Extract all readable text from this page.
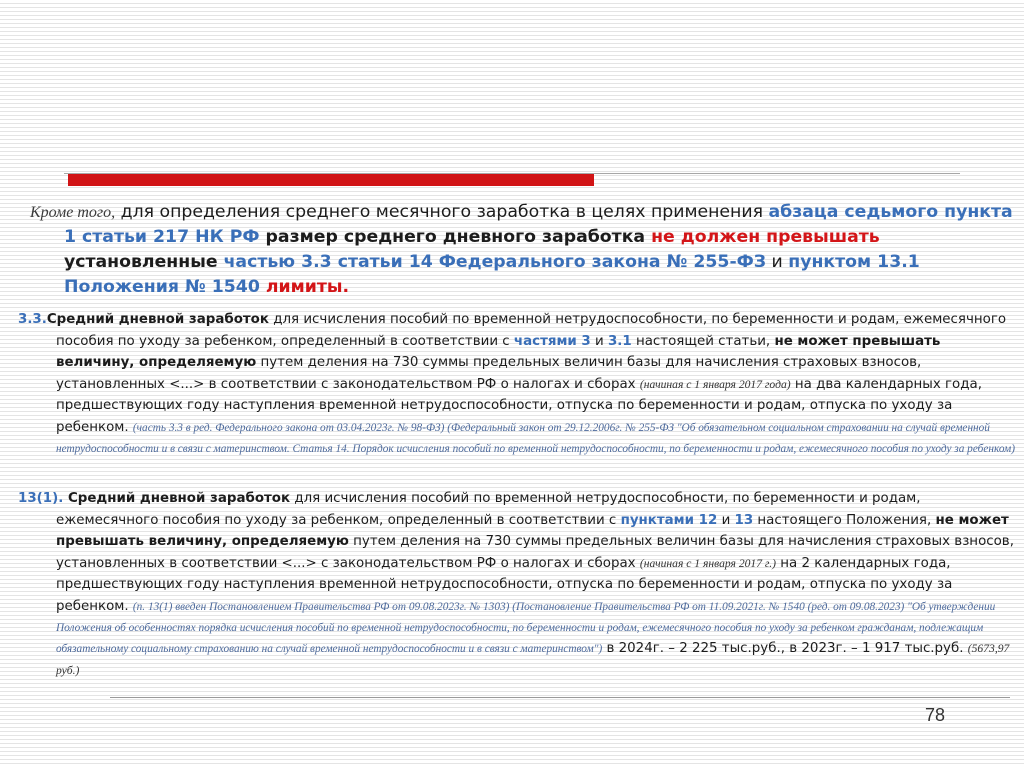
Кроме того, для определения среднего месячного заработка в целях применения абзаца седьмого пункта 1 статьи 217 НК РФ размер среднего дневного заработка не должен превышать установленные частью 3.3 статьи 14 Федерального закона № 255-ФЗ и пунктом 13.1 Положения № 1540 лимиты.

3.3.Средний дневной заработок для исчисления пособий по временной нетрудоспособности, по беременности и родам, ежемесячного пособия по уходу за ребенком, определенный в соответствии с частями 3 и 3.1 настоящей статьи, не может превышать величину, определяемую путем деления на 730 суммы предельных величин базы для начисления страховых взносов, установленных <...> в соответствии с законодательством РФ о налогах и сборах (начиная с 1 января 2017 года) на два календарных года, предшествующих году наступления временной нетрудоспособности, отпуска по беременности и родам, отпуска по уходу за ребенком. (часть 3.3 в ред. Федерального закона от 03.04.2023г. № 98-ФЗ) (Федеральный закон от 29.12.2006г. № 255-ФЗ "Об обязательном социальном страховании на случай временной нетрудоспособности и в связи с материнством. Статья 14. Порядок исчисления пособий по временной нетрудоспособности, по беременности и родам, ежемесячного пособия по уходу за ребенком)

13(1). Средний дневной заработок для исчисления пособий по временной нетрудоспособности, по беременности и родам, ежемесячного пособия по уходу за ребенком, определенный в соответствии с пунктами 12 и 13 настоящего Положения, не может превышать величину, определяемую путем деления на 730 суммы предельных величин базы для начисления страховых взносов, установленных в соответствии <...> с законодательством РФ о налогах и сборах (начиная с 1 января 2017 г.) на 2 календарных года, предшествующих году наступления временной нетрудоспособности, отпуска по беременности и родам, отпуска по уходу за ребенком. (п. 13(1) введен Постановлением Правительства РФ от 09.08.2023г. № 1303) (Постановление Правительства РФ от 11.09.2021г. № 1540 (ред. от 09.08.2023) "Об утверждении Положения об особенностях порядка исчисления пособий по временной нетрудоспособности, по беременности и родам, ежемесячного пособия по уходу за ребенком гражданам, подлежащим обязательному социальному страхованию на случай временной нетрудоспособности и в связи с материнством") в 2024г. – 2 225 тыс.руб., в 2023г. – 1 917 тыс.руб. (5673,97 руб.)

78
